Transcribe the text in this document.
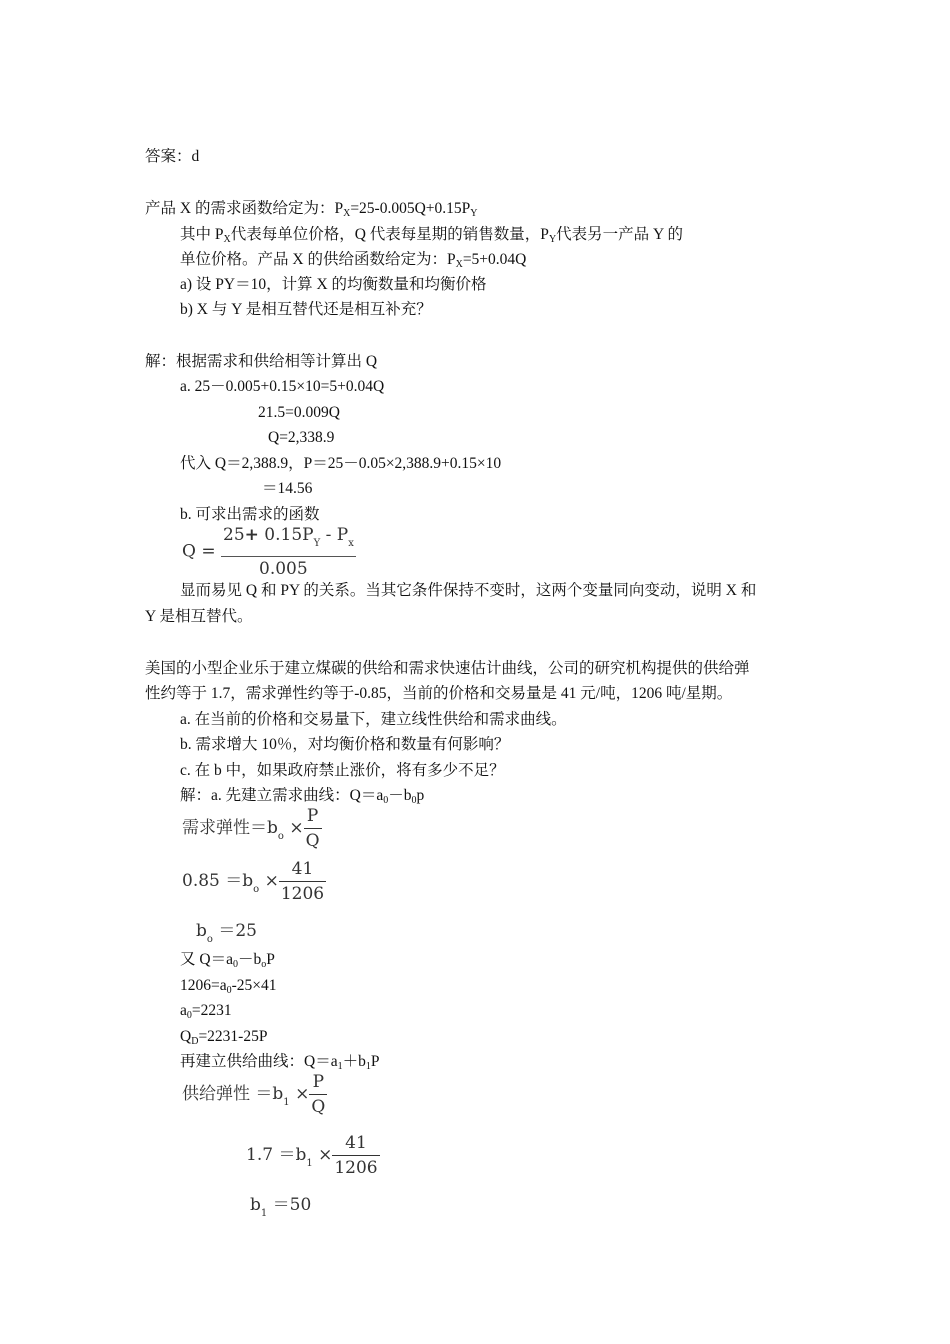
答案：d
产品 X 的需求函数给定为：$P_X=25-0.005Q+0.15P_Y$
其中 $P_X$代表每单位价格，Q 代表每星期的销售数量，$P_Y$代表另一产品 Y 的
单位价格。产品 X 的供给函数给定为：$P_X=5+0.04Q$
a) 设 PY＝10，计算 X 的均衡数量和均衡价格
b) X 与 Y 是相互替代还是相互补充？
解：根据需求和供给相等计算出 Q
a. 25－0.005+0.15×10=5+0.04Q
21.5=0.009Q
Q=2,338.9
代入 Q＝2,388.9，P＝25－0.05×2,388.9+0.15×10
＝14.56
b. 可求出需求的函数
$Q = \frac{25+ 0.15P_Y - P_x}{0.005}$
显而易见 Q 和 PY 的关系。当其它条件保持不变时，这两个变量同向变动，说明 X 和
Y 是相互替代。
美国的小型企业乐于建立煤碳的供给和需求快速估计曲线，公司的研究机构提供的供给弹
性约等于 1.7，需求弹性约等于-0.85，当前的价格和交易量是 41 元/吨，1206 吨/星期。
a. 在当前的价格和交易量下，建立线性供给和需求曲线。
b. 需求增大 10％，对均衡价格和数量有何影响？
c. 在 b 中，如果政府禁止涨价，将有多少不足？
解：a. 先建立需求曲线：$Q=a_0-b_0p$
需求弹性$=b_o \times \frac{P}{Q}$
$0.85 =b_o \times \frac{41}{1206}$
$b_o =25$
又 $Q=a_0-b_oP$
$1206=a_0-25\times 41$
$a_0=2231$
$Q_D=2231-25P$
再建立供给曲线：$Q=a_1+b_1P$
供给弹性 $=b_1 \times \frac{P}{Q}$
$1.7 =b_1 \times \frac{41}{1206}$
$b_1 =50$
